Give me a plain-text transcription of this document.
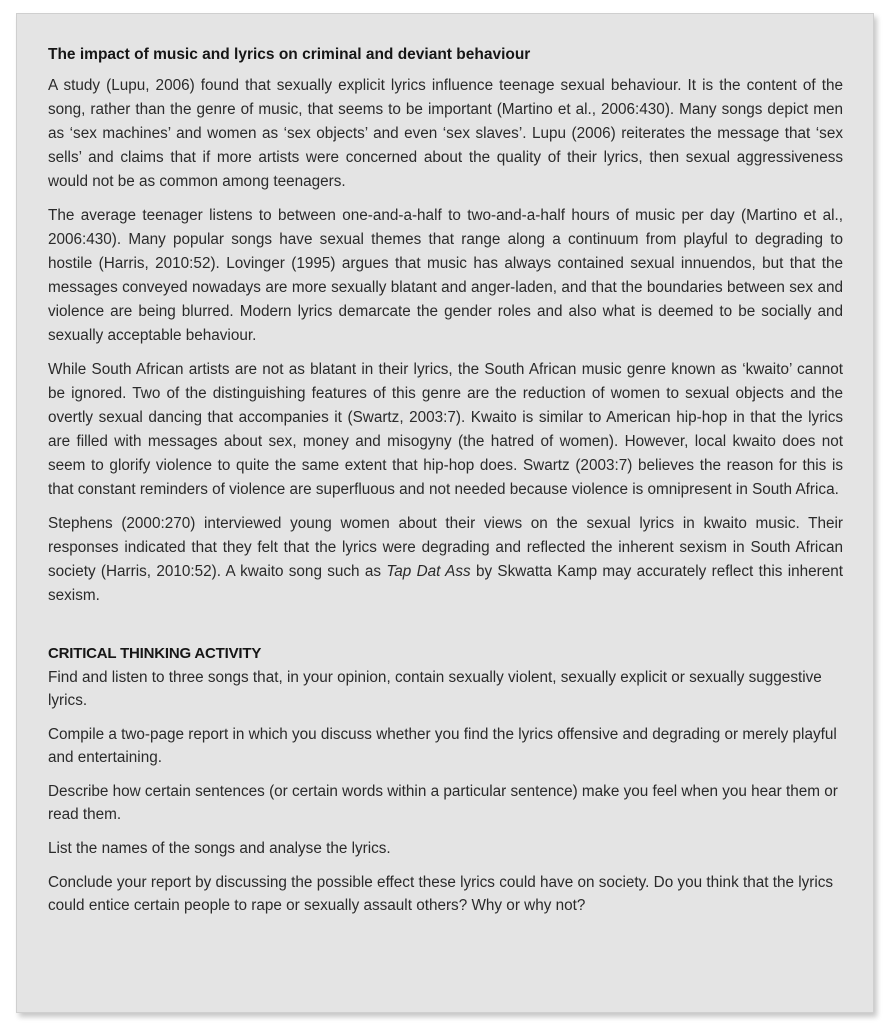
The impact of music and lyrics on criminal and deviant behaviour

A study (Lupu, 2006) found that sexually explicit lyrics influence teenage sexual behaviour. It is the content of the song, rather than the genre of music, that seems to be important (Martino et al., 2006:430). Many songs depict men as ‘sex machines’ and women as ‘sex objects’ and even ‘sex slaves’. Lupu (2006) reiterates the message that ‘sex sells’ and claims that if more artists were concerned about the quality of their lyrics, then sexual aggressiveness would not be as common among teenagers.

The average teenager listens to between one-and-a-half to two-and-a-half hours of music per day (Martino et al., 2006:430). Many popular songs have sexual themes that range along a continuum from playful to degrading to hostile (Harris, 2010:52). Lovinger (1995) argues that music has always contained sexual innuendos, but that the messages conveyed nowadays are more sexually blatant and anger-laden, and that the boundaries between sex and violence are being blurred. Modern lyrics demarcate the gender roles and also what is deemed to be socially and sexually acceptable behaviour.

While South African artists are not as blatant in their lyrics, the South African music genre known as ‘kwaito’ cannot be ignored. Two of the distinguishing features of this genre are the reduction of women to sexual objects and the overtly sexual dancing that accompanies it (Swartz, 2003:7). Kwaito is similar to American hip-hop in that the lyrics are filled with messages about sex, money and misogyny (the hatred of women). However, local kwaito does not seem to glorify violence to quite the same extent that hip-hop does. Swartz (2003:7) believes the reason for this is that constant reminders of violence are superfluous and not needed because violence is omnipresent in South Africa.

Stephens (2000:270) interviewed young women about their views on the sexual lyrics in kwaito music. Their responses indicated that they felt that the lyrics were degrading and reflected the inherent sexism in South African society (Harris, 2010:52). A kwaito song such as Tap Dat Ass by Skwatta Kamp may accurately reflect this inherent sexism.

CRITICAL THINKING ACTIVITY

Find and listen to three songs that, in your opinion, contain sexually violent, sexually explicit or sexually suggestive lyrics.

Compile a two-page report in which you discuss whether you find the lyrics offensive and degrading or merely playful and entertaining.

Describe how certain sentences (or certain words within a particular sentence) make you feel when you hear them or read them.

List the names of the songs and analyse the lyrics.

Conclude your report by discussing the possible effect these lyrics could have on society. Do you think that the lyrics could entice certain people to rape or sexually assault others? Why or why not?
